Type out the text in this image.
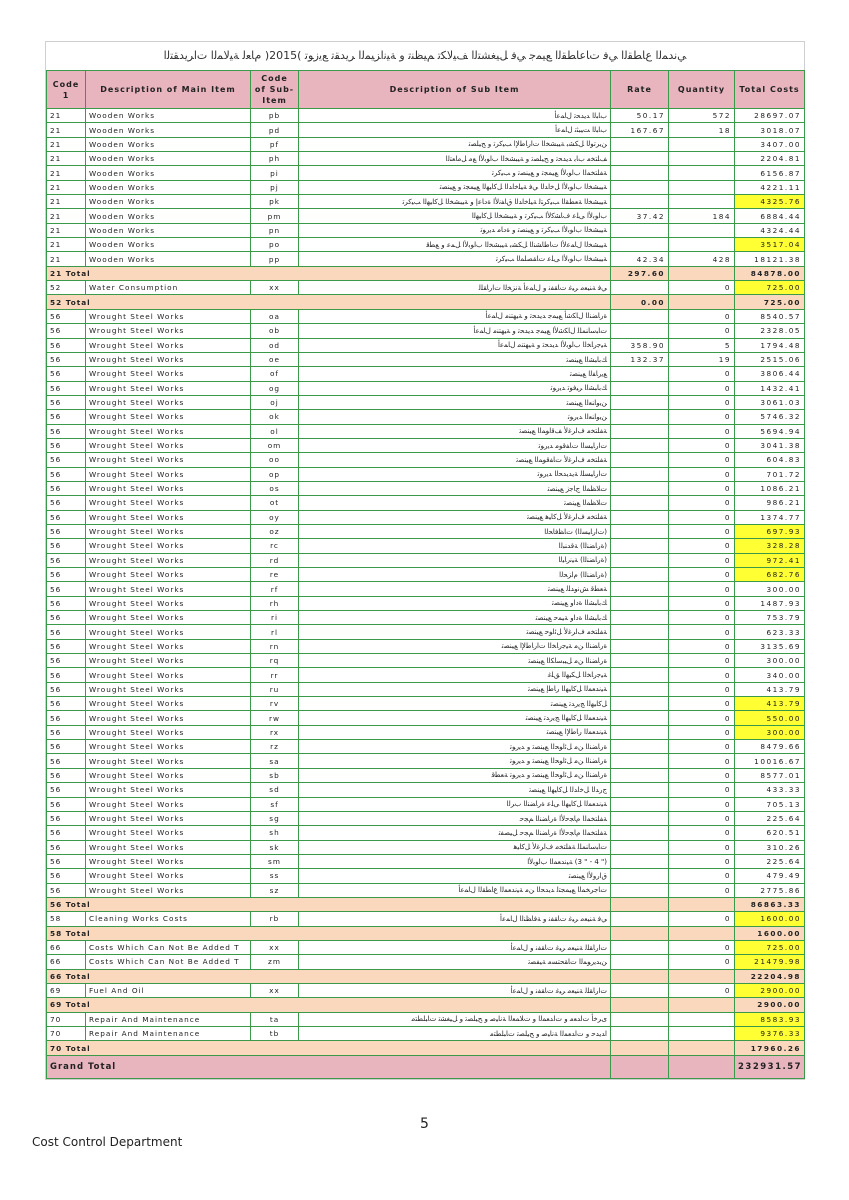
ﻲﻧﺪﻤﻟﺍ ﻉﺎﻄﻘﻟﺍ ﻲﻓ ﺕﺎﻋﺎﻄﻘﻟﺍ ﻊﻴﻤﺟ ﻲﻓ ﻞﻴﻐﺸﺘﻟﺍ ﻒﻴﻟﺎﻜﺗ ﻢﻴﻈﻨﺗ ﻭ ﺔﻴﻧﺍﺰﻴﻤﻟﺍ ﺮﻳﺪﻘﺗ ﻊﻳﺯﻮﺗ )2015( ﻡﺎﻌﻟ ﺔﻴﻟﺎﻤﻟﺍ ﺕﺍﺮﻳﺪﻘﺘﻟﺍ
Code 1	Description of Main Item	Code of Sub-Item	Description of Sub Item	Rate	Quantity	Total Costs
21	Wooden Works	pb	ﺏﺎﺒﻟﺍ ﺪﻳﺪﺤﺗ ﻝﺎﻤﻋﺃ	50.17	572	28697.07
21	Wooden Works	pd	ﺏﺎﺒﻟﺍ ﺖﻴﺒﺜﺗ ﻝﺎﻤﻋﺃ	167.67	18	3018.07
21	Wooden Works	pf	ﻦﻳﺮﺗﻮﻟﺍ ﻞﻜﺸﺑ ﺔﻴﺒﺸﺨﻟﺍ ﺕﺍﺭﺎﻃﻹﺍ ﺐﻴﻛﺮﺗ ﻭ ﺢﻴﻠﺼﺗ			3407.00
21	Wooden Works	ph	ﻒﻠﺘﺨﻣ ﺏﺎﺑ ﺪﻳﺪﺤﺗ ﻭ ﺢﻴﻠﺼﺗ ﻭ ﺔﻴﺒﺸﺨﻟﺍ ﺏﺍﻮﺑﻷﺍ ﻊﻣ ﻞﻣﺎﻌﺘﻟﺍ			2204.81
21	Wooden Works	pi	ﺔﻔﻠﺘﺨﻤﻟﺍ ﺏﺍﻮﺑﻷﺍ ﻊﻴﻤﺠﺗ ﻭ ﻊﻴﻨﺼﺗ ﻭ ﺐﻴﻛﺮﺗ			6156.87
21	Wooden Works	pj	ﺔﻴﺒﺸﺨﻟﺍ ﺏﺍﻮﺑﻷﺍ ﻞﺧﺍﺪﻟﺍ ﻲﻓ ﺔﻴﻠﺧﺍﺪﻟﺍ ﻞﻛﺎﻴﻬﻟﺍ ﻊﻴﻤﺠﺗ ﻭ ﻊﻴﻨﺼﺗ			4221.11
21	Wooden Works	pk	ﺔﻴﺒﺸﺨﻟﺍ ﺔﻌﻄﻘﻟﺍ ﺐﻴﻛﺮﺘﻟ ﺔﻴﻠﺧﺍﺪﻟﺍ ﻕﺎﻔﻧﻷﺍ ﺓﺩﺎﻋﺇ ﻭ ﺔﻴﺒﺸﺨﻟﺍ ﻞﻛﺎﻴﻬﻟﺍ ﺐﻴﻛﺮﺗ			4325.76
21	Wooden Works	pm	ﺏﺍﻮﺑﻷﺍ ﻰﻠﻋ ﻑﺎﺸﻛﻷﺍ ﺐﻴﻛﺮﺗ ﻭ ﺔﻴﺒﺸﺨﻟﺍ ﻞﻛﺎﻴﻬﻟﺍ	37.42	184	6884.44
21	Wooden Works	pn	ﺔﻴﺒﺸﺨﻟﺍ ﺏﺍﻮﺑﻷﺍ ﺐﻴﻛﺮﺗ ﻭ ﻊﻴﻨﺼﺗ ﻭ ﺓﺩﺎﻣ ﺪﻳﺭﻮﺗ			4324.44
21	Wooden Works	po	ﺔﻴﺒﺸﺨﻟﺍ ﻝﺎﻤﻋﻷﺍ ﺕﺎﻃﺎﺸﻨﻟﺍ ﻞﻜﺸﺑ ﺔﻴﺒﺸﺨﻟﺍ ﺏﺍﻮﺑﻷﺍ ﻞﻤﻋ ﻭ ﻊﻄﻗ			3517.04
21	Wooden Works	pp	ﺔﻴﺒﺸﺨﻟﺍ ﺏﺍﻮﺑﻷﺍ ﻰﻠﻋ ﺕﺎﻘﺼﻠﻤﻟﺍ ﺐﻴﻛﺮﺗ	42.34	428	18121.38
21 Total				297.60		84878.00
52	Water Consumption	xx	ﻲﻓ ﺔﻨﻴﻌﻣ ﺮﻴﻏ ﺕﺎﻘﻔﻧ ﻭ ﻝﺎﻤﻋﺃ ﺔﻧﺰﺨﻟﺍ ﺕﺍﺭﺎﻘﻠﻟ		0	725.00
52 Total				0.00		725.00
56	Wrought Steel Works	oa	ﺓﺭﺎﻀﻨﻟﺍ ﻝﺎﻜﺷﺃ ﻊﻴﻤﺟ ﺪﻳﺪﺤﺗ ﻭ ﺔﻴﻬﺘﻨﻣ ﻝﺎﻤﻋﺃ		0	8540.57
56	Wrought Steel Works	ob	ﺕﺎﺒﺳﺎﻨﻤﻠﻟ ﻝﺎﻜﺷﻷﺍ ﻊﻴﻤﺟ ﺪﻳﺪﺤﺗ ﻭ ﺔﻴﻬﺘﻨﻣ ﻝﺎﻤﻋﺃ		0	2328.05
56	Wrought Steel Works	od	ﺔﻴﺟﺭﺎﺨﻟﺍ ﺏﺍﻮﺑﻷﺍ ﺪﻳﺪﺤﺗ ﻭ ﺔﻴﻬﺘﻨﻣ ﻝﺎﻤﻋﺃ	358.90	5	1794.48
56	Wrought Steel Works	oe	ﻚﺑﺎﺒﺸﻟﺍ ﻊﻴﻨﺼﺗ	132.37	19	2515.06
56	Wrought Steel Works	of	ﻊﻳﺭﺎﻔﻟﺍ ﻊﻴﻨﺼﺗ		0	3806.44
56	Wrought Steel Works	og	ﻚﺑﺎﺒﺸﻟﺍ ﺮﻴﻓﻮﺗ ﺪﻳﺭﻮﺗ		0	1432.41
56	Wrought Steel Works	oj	ﻦﻳﻭﺎﻨﻌﻟﺍ ﻊﻴﻨﺼﺗ		0	3061.03
56	Wrought Steel Works	ok	ﻦﻳﻭﺎﻨﻌﻟﺍ ﺪﻳﺭﻮﺗ		0	5746.32
56	Wrought Steel Works	ol	ﺔﻔﻠﺘﺨﻣ ﻑﺍﺮﻏﻷ ﻒﻗﺍﻮﻤﻟﺍ ﻊﻴﻨﺼﺗ		0	5694.94
56	Wrought Steel Works	om	ﺕﺍﺭﺎﻴﺴﻟﺍ ﺕﺎﻔﻗﻮﻣ ﺪﻳﺭﻮﺗ		0	3041.38
56	Wrought Steel Works	oo	ﺔﻔﻠﺘﺨﻣ ﻑﺍﺮﻏﻷ ﺕﺎﻔﻗﻮﻤﻟﺍ ﻊﻴﻨﺼﺗ		0	604.83
56	Wrought Steel Works	op	ﺕﺍﺭﺎﻴﺴﻠﻟ ﺔﻳﺪﻳﺪﺤﻟﺍ ﺪﻳﺭﻮﺗ		0	701.72
56	Wrought Steel Works	os	ﺕﻼﻈﻤﻟﺍ ﺝﺎﺟﺯ ﻊﻴﻨﺼﺗ		0	1086.21
56	Wrought Steel Works	ot	ﺕﻼﻈﻤﻟﺍ ﻊﻴﻨﺼﺗ		0	986.21
56	Wrought Steel Works	oy	ﺔﻔﻠﺘﺨﻣ ﻑﺍﺮﻏﻷ ﻞﻛﺎﻴﻫ ﻊﻴﻨﺼﺗ		0	1374.77
56	Wrought Steel Works	oz	(ﺕﺍﺭﺎﻴﺴﻟﺍ) ﺕﺎﻈﻓﺎﺤﻟﺍ		0	697.93
56	Wrought Steel Works	rc	(ﺓﺭﺎﻀﻨﻟﺍ) ﺔﻗﺪﻨﺒﻟﺍ		0	328.28
56	Wrought Steel Works	rd	(ﺓﺭﺎﻀﻨﻟﺍ) ﺔﻴﻧﺭﺎﻴﻟﺍ		0	972.41
56	Wrought Steel Works	re	(ﺓﺭﺎﻀﻨﻟﺍ) ﻡﺍﺰﺤﻟﺍ		0	682.76
56	Wrought Steel Works	rf	ﺔﻌﻄﻗ ﺶﻧﻭﺪﻠﻟ ﻊﻴﻨﺼﺗ		0	300.00
56	Wrought Steel Works	rh	ﻚﺑﺎﺒﺸﻟﺍ ﺓﺩﺍﻭ ﻊﻴﻨﺼﺗ		0	1487.93
56	Wrought Steel Works	ri	ﻚﺑﺎﺒﺸﻟﺍ ﺓﺩﺍﻭ ﺔﻴﻤﺣ ﻊﻴﻨﺼﺗ		0	753.79
56	Wrought Steel Works	rl	ﺔﻔﻠﺘﺨﻣ ﻑﺍﺮﻏﻷ ﻞﺋﺍﻮﺣ ﻊﻴﻨﺼﺗ		0	623.33
56	Wrought Steel Works	rn	ﺓﺭﺎﻀﻨﻟﺍ ﻦﻣ ﺔﻴﺟﺭﺎﺨﻟﺍ ﺕﺍﺭﺎﻃﻹﺍ ﻊﻴﻨﺼﺗ		0	3135.69
56	Wrought Steel Works	rq	ﺓﺭﺎﻀﻨﻟﺍ ﻦﻣ ﻞﻴﺒﺳﺎﻜﻟﺍ ﻊﻴﻨﺼﺗ		0	300.00
56	Wrought Steel Works	rr	ﺔﻴﺟﺭﺎﺨﻟﺍ ﻞﻜﻴﻬﻟﺍ ﻖﻠﻏ		0	340.00
56	Wrought Steel Works	ru	ﺔﻴﻧﺪﻌﻤﻟﺍ ﻞﻛﺎﻴﻬﻟﺍ ﺭﺎﻃﺇ ﻊﻴﻨﺼﺗ		0	413.79
56	Wrought Steel Works	rv	ﻞﻛﺎﻴﻬﻟﺍ ﺞﻳﺭﺪﺗ ﻊﻴﻨﺼﺗ		0	413.79
56	Wrought Steel Works	rw	ﺔﻴﻧﺪﻌﻤﻟﺍ ﻞﻛﺎﻴﻬﻟﺍ ﺞﻳﺭﺪﺗ ﻊﻴﻨﺼﺗ		0	550.00
56	Wrought Steel Works	rx	ﺔﻴﻧﺪﻌﻤﻟﺍ ﺭﺎﻃﻹﺍ ﻊﻴﻨﺼﺗ		0	300.00
56	Wrought Steel Works	rz	ﺓﺭﺎﻀﻨﻟﺍ ﻦﻣ ﻞﺋﺍﻮﺤﻟﺍ ﻊﻴﻨﺼﺗ ﻭ ﺪﻳﺭﻮﺗ		0	8479.66
56	Wrought Steel Works	sa	ﺓﺭﺎﻀﻨﻟﺍ ﻦﻣ ﻞﺋﺍﻮﺤﻟﺍ ﻊﻴﻨﺼﺗ ﻭ ﺪﻳﺭﻮﺗ		0	10016.67
56	Wrought Steel Works	sb	ﺓﺭﺎﻀﻨﻟﺍ ﻦﻣ ﻞﺋﺍﻮﺤﻟﺍ ﻊﻴﻨﺼﺗ ﻭ ﺪﻳﺭﻮﺗ ﺔﻌﻄﻗ		0	8577.01
56	Wrought Steel Works	sd	ﺝﺭﺪﻟﺍ ﻞﺧﺍﺪﻟﺍ ﻞﻛﺎﻴﻬﻟﺍ ﻊﻴﻨﺼﺗ		0	433.33
56	Wrought Steel Works	sf	ﺔﻴﻧﺪﻌﻤﻟﺍ ﻞﻛﺎﻴﻬﻟﺍ ﻰﻠﻋ ﺓﺭﺎﻀﻨﻟﺍ ﺏﺮﻟﺍ		0	705.13
56	Wrought Steel Works	sg	ﺔﻔﻠﺘﺨﻤﻟﺍ ﻡﺎﺠﺣﻷﺍ ﺓﺭﺎﻀﻨﻟﺍ ﻢﺠﺣ		0	225.64
56	Wrought Steel Works	sh	ﺔﻔﻠﺘﺨﻤﻟﺍ ﻡﺎﺠﺣﻷﺍ ﺓﺭﺎﻀﻨﻟﺍ ﻢﺠﺣ ﻞﻴﺼﻔﺗ		0	620.51
56	Wrought Steel Works	sk	ﺕﺎﺒﺳﺎﻨﻤﻠﻟ ﺔﻔﻠﺘﺨﻣ ﻑﺍﺮﻏﻷ ﻞﻛﺎﻴﻫ		0	310.26
56	Wrought Steel Works	sm	(" 4 - " 3) ﺔﻴﻧﺪﻌﻤﻟﺍ ﺏﺍﻮﺑﻷﺍ		0	225.64
56	Wrought Steel Works	ss	ﻕﺍﺭﻭﻷﺍ ﻊﻴﻨﺼﺗ		0	479.49
56	Wrought Steel Works	sz	ﺕﺎﺟﺮﺨﻤﻟﺍ ﻊﻴﻤﺠﺘﻟ ﺪﻳﺪﺤﻟﺍ ﻦﻣ ﺔﻴﻧﺪﻌﻤﻟﺍ ﻉﺎﻄﻘﻟﺍ ﻝﺎﻤﻋﺃ		0	2775.86
56 Total						86863.33
58	Cleaning Works Costs	rb	ﻲﻓ ﺔﻨﻴﻌﻣ ﺮﻴﻏ ﺕﺎﻘﻔﻧ ﻭ ﺔﻓﺎﻈﻨﻟﺍ ﻝﺎﻤﻋﺃ		0	1600.00
58 Total						1600.00
66	Costs Which Can Not Be Added T	xx	ﺕﺍﺭﺎﻘﻠﻟ ﺔﻨﻴﻌﻣ ﺮﻴﻏ ﺕﺎﻘﻔﻧ ﻭ ﻝﺎﻤﻋﺃ		0	725.00
66	Costs Which Can Not Be Added T	zm	ﻦﻳﺪﻳﺭﻮﻤﻟﺍ ﺕﺎﻘﺤﺘﺴﻣ ﺔﻴﻔﺼﺗ		0	21479.98
66 Total						22204.98
69	Fuel And Oil	xx	ﺕﺍﺭﺎﻘﻠﻟ ﺔﻨﻴﻌﻣ ﺮﻴﻏ ﺕﺎﻘﻔﻧ ﻭ ﻝﺎﻤﻋﺃ		0	2900.00
69 Total						2900.00
70	Repair And Maintenance	ta	ﻯﺮﺧﺃ ﺕﺍﺪﻌﻣ ﻭ ﺕﺍﺪﻌﻤﻟﺍ ﻭ ﺕﻼﻤﻌﻟﺍ ﺔﻧﺎﻴﺻ ﻭ ﺢﻴﻠﺼﺗ ﻭ ﻞﻴﻐﺸﺗ ﺕﺎﺒﻠﻄﺘﻣ			8583.93
70	Repair And Maintenance	tb	ﺍﺪﻳﺪﺣ ﻭ ﺕﺍﺪﻌﻤﻟﺍ ﺔﻧﺎﻴﺻ ﻭ ﺢﻴﻠﺼﺗ ﺕﺎﺒﻠﻄﺘﻣ			9376.33
70 Total						17960.26
Grand Total						232931.57
5
Cost Control Department
